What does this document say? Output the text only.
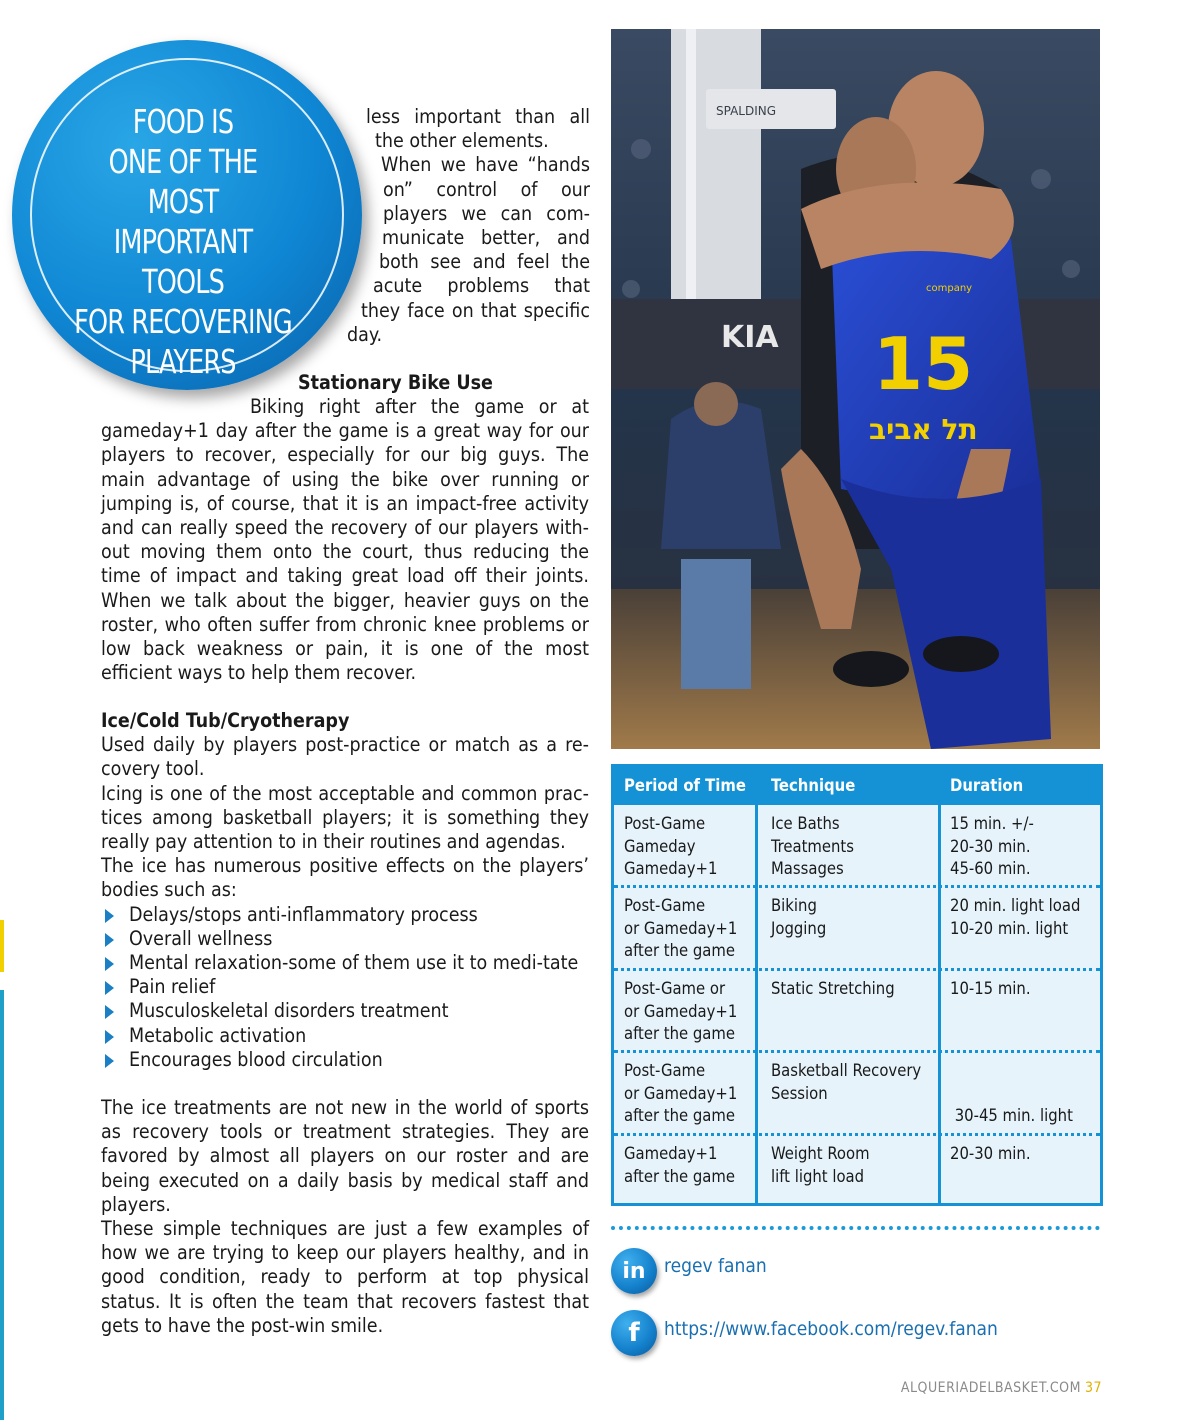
FOOD IS
ONE OF THE MOST
IMPORTANT TOOLS
FOR RECOVERING
PLAYERS
less important than all
the other elements.
When we have “hands
on” control of our
players we can com-
municate better, and
both see and feel the
acute problems that
they face on that specific
day.
Stationary Bike Use
Biking right after the game or at
gameday+1 day after the game is a great way for our players to recover, especially for our big guys. The main advantage of using the bike over running or jumping is, of course, that it is an impact-free activity and can really speed the recovery of our players with-out moving them onto the court, thus reducing the time of impact and taking great load off their joints. When we talk about the bigger, heavier guys on the roster, who often suffer from chronic knee problems or low back weakness or pain, it is one of the most efficient ways to help them recover.
Ice/Cold Tub/Cryotherapy
Used daily by players post-practice or match as a re-covery tool.
Icing is one of the most acceptable and common prac-tices among basketball players; it is something they really pay attention to in their routines and agendas.
The ice has numerous positive effects on the players’ bodies such as:
Delays/stops anti-inflammatory process
Overall wellness
Mental relaxation-some of them use it to medi-tate
Pain relief
Musculoskeletal disorders treatment
Metabolic activation
Encourages blood circulation
The ice treatments are not new in the world of sports as recovery tools or treatment strategies. They are favored by almost all players on our roster and are being executed on a daily basis by medical staff and players.
These simple techniques are just a few examples of how we are trying to keep our players healthy, and in good condition, ready to perform at top physical status. It is often the team that recovers fastest that gets to have the post-win smile.
SPALDING
KIA 15
תל אביב
company
Period of Time Technique	Duration
Post-Game
Gameday
Gameday+1
Ice Baths
Treatments
Massages
15 min. +/-
20-30 min.
45-60 min.
Post-Game
or Gameday+1
after the game
Biking
Jogging
20 min. light load
10-20 min. light
Post-Game or
or Gameday+1
after the game
Static Stretching	10-15 min.
Post-Game
or Gameday+1
after the game
Basketball Recovery
Session

30-45 min. light

Gameday+1
after the game
Weight Room
lift light load
20-30 min.
in regev fanan
f https://www.facebook.com/regev.fanan
ALQUERIADELBASKET.COM 37
